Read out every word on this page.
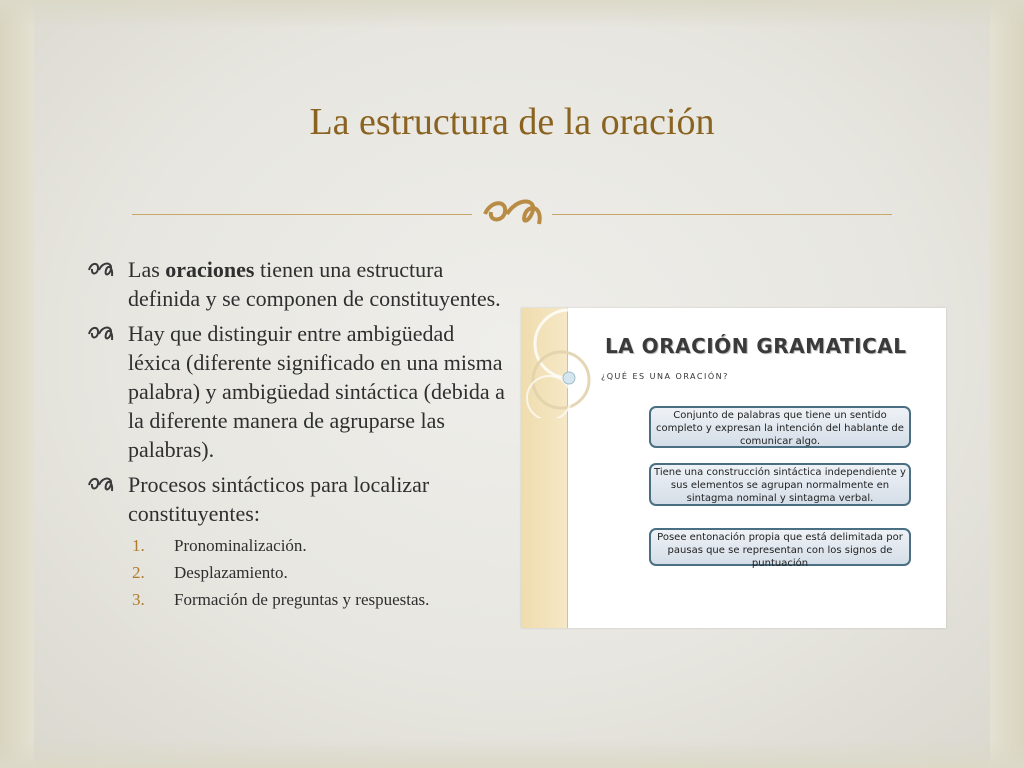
La estructura de la oración
Las oraciones tienen una estructura definida y se componen de constituyentes.
Hay que distinguir entre ambigüedad léxica (diferente significado en una misma palabra) y ambigüedad sintáctica (debida a la diferente manera de agruparse las palabras).
Procesos sintácticos para localizar constituyentes:
1. Pronominalización.
2. Desplazamiento.
3. Formación de preguntas y respuestas.
LA ORACIÓN GRAMATICAL
¿QUÉ ES UNA ORACIÓN?
Conjunto de palabras que tiene un sentido completo y expresan la intención del hablante de comunicar algo.
Tiene una construcción sintáctica independiente y sus elementos se agrupan normalmente en sintagma nominal y sintagma verbal.
Posee entonación propia que está delimitada por pausas que se representan con los signos de puntuación
